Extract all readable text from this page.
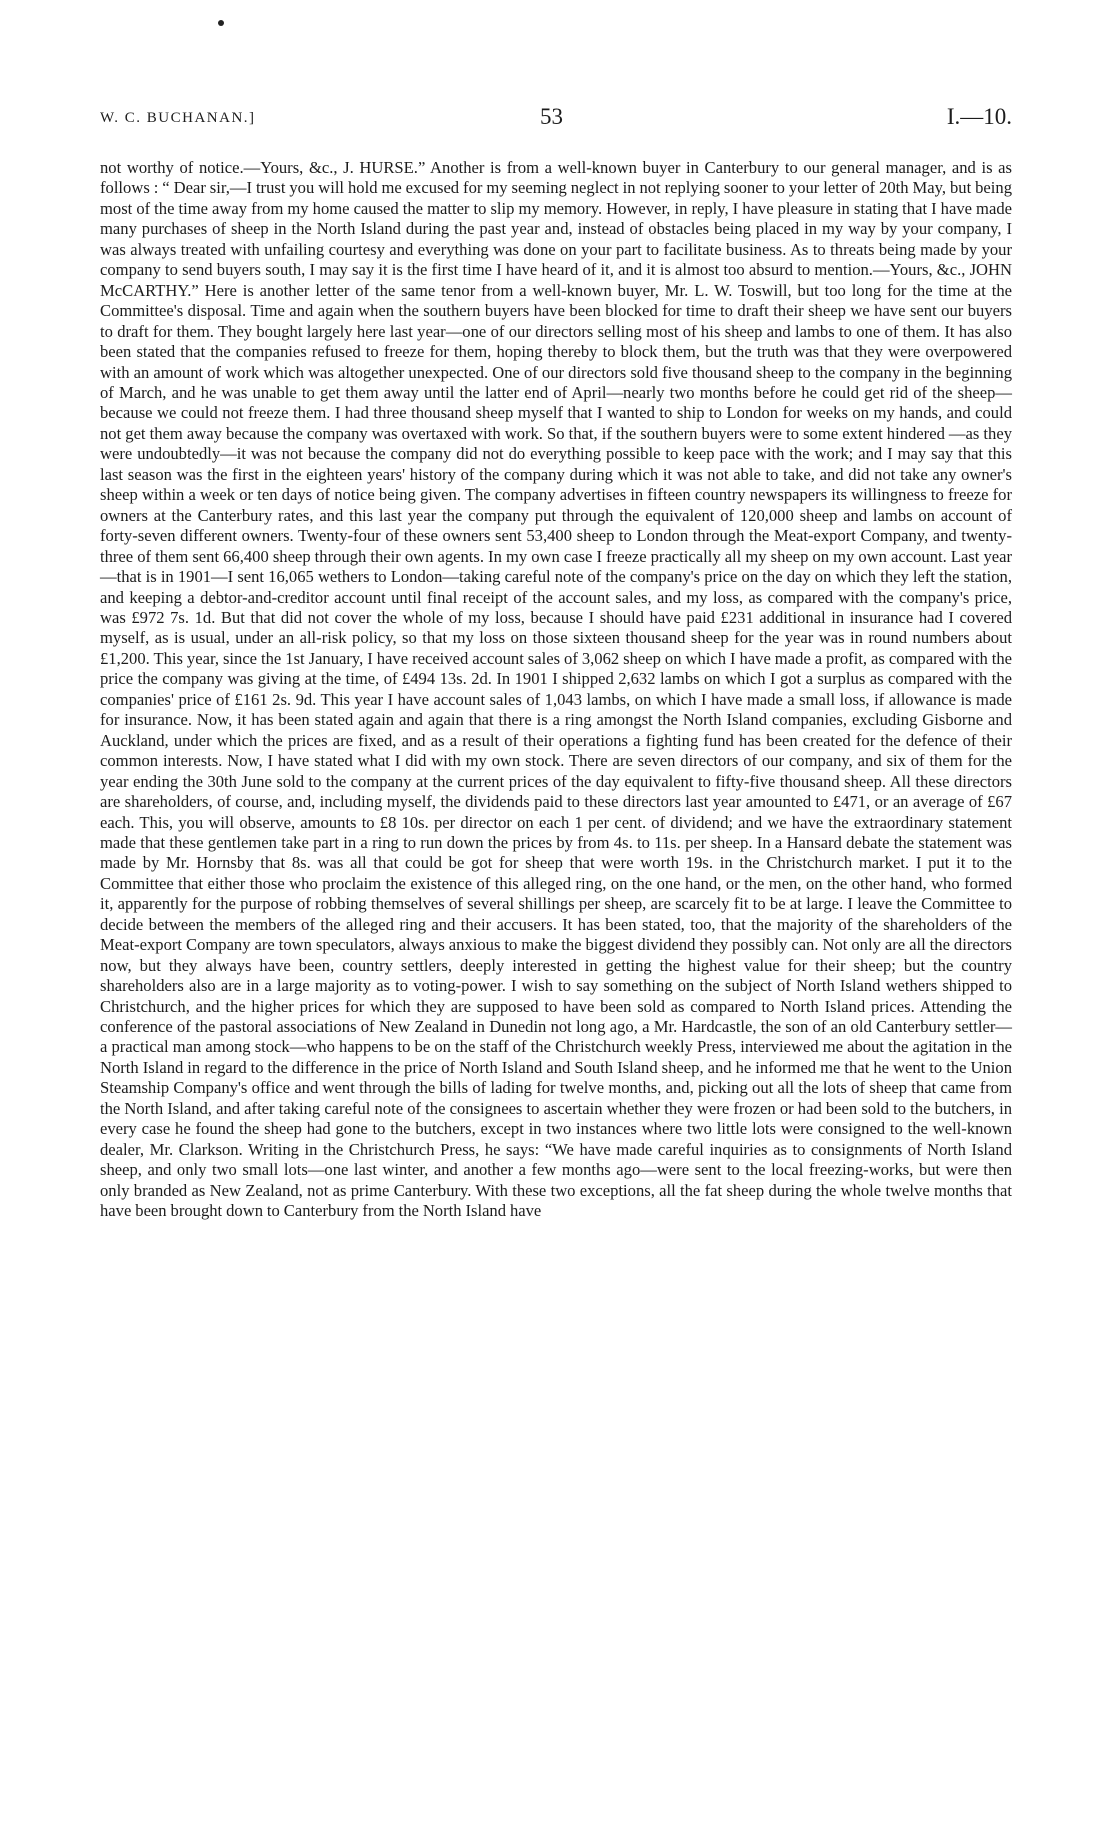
W. C. BUCHANAN.]	53	I.—10.

not worthy of notice.—Yours, &c., J. HURSE.” Another is from a well-known buyer in Canterbury to our general manager, and is as follows : “ Dear sir,—I trust you will hold me excused for my seeming neglect in not replying sooner to your letter of 20th May, but being most of the time away from my home caused the matter to slip my memory. However, in reply, I have pleasure in stating that I have made many purchases of sheep in the North Island during the past year and, instead of obstacles being placed in my way by your company, I was always treated with unfailing courtesy and everything was done on your part to facilitate business. As to threats being made by your company to send buyers south, I may say it is the first time I have heard of it, and it is almost too absurd to mention.—Yours, &c., JOHN McCARTHY.” Here is another letter of the same tenor from a well-known buyer, Mr. L. W. Toswill, but too long for the time at the Committee's disposal. Time and again when the southern buyers have been blocked for time to draft their sheep we have sent our buyers to draft for them. They bought largely here last year—one of our directors selling most of his sheep and lambs to one of them. It has also been stated that the companies refused to freeze for them, hoping thereby to block them, but the truth was that they were overpowered with an amount of work which was altogether unexpected. One of our directors sold five thousand sheep to the company in the beginning of March, and he was unable to get them away until the latter end of April—nearly two months before he could get rid of the sheep—because we could not freeze them. I had three thousand sheep myself that I wanted to ship to London for weeks on my hands, and could not get them away because the company was overtaxed with work. So that, if the southern buyers were to some extent hindered —as they were undoubtedly—it was not because the company did not do everything possible to keep pace with the work; and I may say that this last season was the first in the eighteen years' history of the company during which it was not able to take, and did not take any owner's sheep within a week or ten days of notice being given. The company advertises in fifteen country newspapers its willingness to freeze for owners at the Canterbury rates, and this last year the company put through the equivalent of 120,000 sheep and lambs on account of forty-seven different owners. Twenty-four of these owners sent 53,400 sheep to London through the Meat-export Company, and twenty-three of them sent 66,400 sheep through their own agents. In my own case I freeze practically all my sheep on my own account. Last year—that is in 1901—I sent 16,065 wethers to London—taking careful note of the company's price on the day on which they left the station, and keeping a debtor-and-creditor account until final receipt of the account sales, and my loss, as compared with the company's price, was £972 7s. 1d. But that did not cover the whole of my loss, because I should have paid £231 additional in insurance had I covered myself, as is usual, under an all-risk policy, so that my loss on those sixteen thousand sheep for the year was in round numbers about £1,200. This year, since the 1st January, I have received account sales of 3,062 sheep on which I have made a profit, as compared with the price the company was giving at the time, of £494 13s. 2d. In 1901 I shipped 2,632 lambs on which I got a surplus as compared with the companies' price of £161 2s. 9d. This year I have account sales of 1,043 lambs, on which I have made a small loss, if allowance is made for insurance. Now, it has been stated again and again that there is a ring amongst the North Island companies, excluding Gisborne and Auckland, under which the prices are fixed, and as a result of their operations a fighting fund has been created for the defence of their common interests. Now, I have stated what I did with my own stock. There are seven directors of our company, and six of them for the year ending the 30th June sold to the company at the current prices of the day equivalent to fifty-five thousand sheep. All these directors are shareholders, of course, and, including myself, the dividends paid to these directors last year amounted to £471, or an average of £67 each. This, you will observe, amounts to £8 10s. per director on each 1 per cent. of dividend; and we have the extraordinary statement made that these gentlemen take part in a ring to run down the prices by from 4s. to 11s. per sheep. In a Hansard debate the statement was made by Mr. Hornsby that 8s. was all that could be got for sheep that were worth 19s. in the Christchurch market. I put it to the Committee that either those who proclaim the existence of this alleged ring, on the one hand, or the men, on the other hand, who formed it, apparently for the purpose of robbing themselves of several shillings per sheep, are scarcely fit to be at large. I leave the Committee to decide between the members of the alleged ring and their accusers. It has been stated, too, that the majority of the shareholders of the Meat-export Company are town speculators, always anxious to make the biggest dividend they possibly can. Not only are all the directors now, but they always have been, country settlers, deeply interested in getting the highest value for their sheep; but the country shareholders also are in a large majority as to voting-power. I wish to say something on the subject of North Island wethers shipped to Christchurch, and the higher prices for which they are supposed to have been sold as compared to North Island prices. Attending the conference of the pastoral associations of New Zealand in Dunedin not long ago, a Mr. Hardcastle, the son of an old Canterbury settler—a practical man among stock—who happens to be on the staff of the Christchurch weekly Press, interviewed me about the agitation in the North Island in regard to the difference in the price of North Island and South Island sheep, and he informed me that he went to the Union Steamship Company's office and went through the bills of lading for twelve months, and, picking out all the lots of sheep that came from the North Island, and after taking careful note of the consignees to ascertain whether they were frozen or had been sold to the butchers, in every case he found the sheep had gone to the butchers, except in two instances where two little lots were consigned to the well-known dealer, Mr. Clarkson. Writing in the Christchurch Press, he says: “We have made careful inquiries as to consignments of North Island sheep, and only two small lots—one last winter, and another a few months ago—were sent to the local freezing-works, but were then only branded as New Zealand, not as prime Canterbury. With these two exceptions, all the fat sheep during the whole twelve months that have been brought down to Canterbury from the North Island have
